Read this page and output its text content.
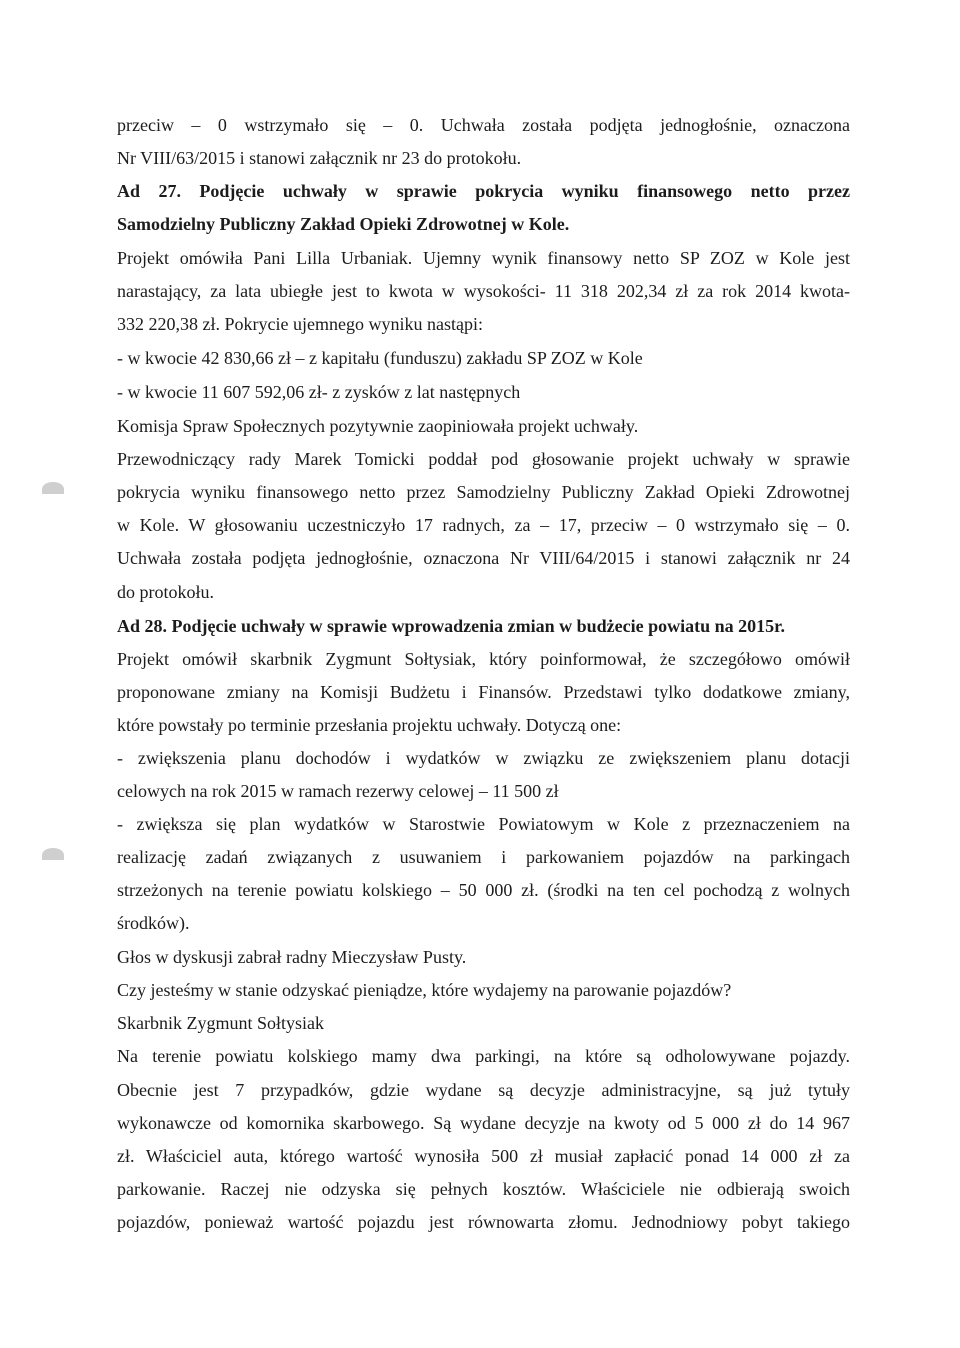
przeciw – 0 wstrzymało się – 0. Uchwała została podjęta jednogłośnie, oznaczona
Nr VIII/63/2015 i stanowi załącznik nr 23 do protokołu.
Ad 27. Podjęcie uchwały w sprawie pokrycia wyniku finansowego netto przez
Samodzielny Publiczny Zakład Opieki Zdrowotnej w Kole.
Projekt omówiła Pani Lilla Urbaniak. Ujemny wynik finansowy netto SP ZOZ w Kole jest
narastający, za lata ubiegłe jest to kwota w wysokości- 11 318 202,34 zł za rok 2014 kwota-
332 220,38 zł. Pokrycie ujemnego wyniku nastąpi:
- w kwocie 42 830,66 zł – z kapitału (funduszu) zakładu SP ZOZ w Kole
- w kwocie 11 607 592,06 zł- z zysków z lat następnych
Komisja Spraw Społecznych pozytywnie zaopiniowała projekt uchwały.
Przewodniczący rady Marek Tomicki poddał pod głosowanie projekt uchwały w sprawie
pokrycia wyniku finansowego netto przez Samodzielny Publiczny Zakład Opieki Zdrowotnej
w Kole. W głosowaniu uczestniczyło 17 radnych, za – 17, przeciw – 0 wstrzymało się – 0.
Uchwała została podjęta jednogłośnie, oznaczona Nr VIII/64/2015 i stanowi załącznik nr 24
do protokołu.
Ad 28. Podjęcie uchwały w sprawie wprowadzenia zmian w budżecie powiatu na 2015r.
Projekt omówił skarbnik Zygmunt Sołtysiak, który poinformował, że szczegółowo omówił
proponowane zmiany na Komisji Budżetu i Finansów. Przedstawi tylko dodatkowe zmiany,
które powstały po terminie przesłania projektu uchwały. Dotyczą one:
- zwiększenia planu dochodów i wydatków w związku ze zwiększeniem planu dotacji
celowych na rok 2015 w ramach rezerwy celowej – 11 500 zł
- zwiększa się plan wydatków w Starostwie Powiatowym w Kole z przeznaczeniem na
realizację zadań związanych z usuwaniem i parkowaniem pojazdów na parkingach
strzeżonych na terenie powiatu kolskiego – 50 000 zł. (środki na ten cel pochodzą z wolnych
środków).
Głos w dyskusji zabrał radny Mieczysław Pusty.
Czy jesteśmy w stanie odzyskać pieniądze, które wydajemy na parowanie pojazdów?
Skarbnik Zygmunt Sołtysiak
Na terenie powiatu kolskiego mamy dwa parkingi, na które są odholowywane pojazdy.
Obecnie jest 7 przypadków, gdzie wydane są decyzje administracyjne, są już tytuły
wykonawcze od komornika skarbowego. Są wydane decyzje na kwoty od 5 000 zł do 14 967
zł. Właściciel auta, którego wartość wynosiła 500 zł musiał zapłacić ponad 14 000 zł za
parkowanie. Raczej nie odzyska się pełnych kosztów. Właściciele nie odbierają swoich
pojazdów, ponieważ wartość pojazdu jest równowarta złomu. Jednodniowy pobyt takiego
